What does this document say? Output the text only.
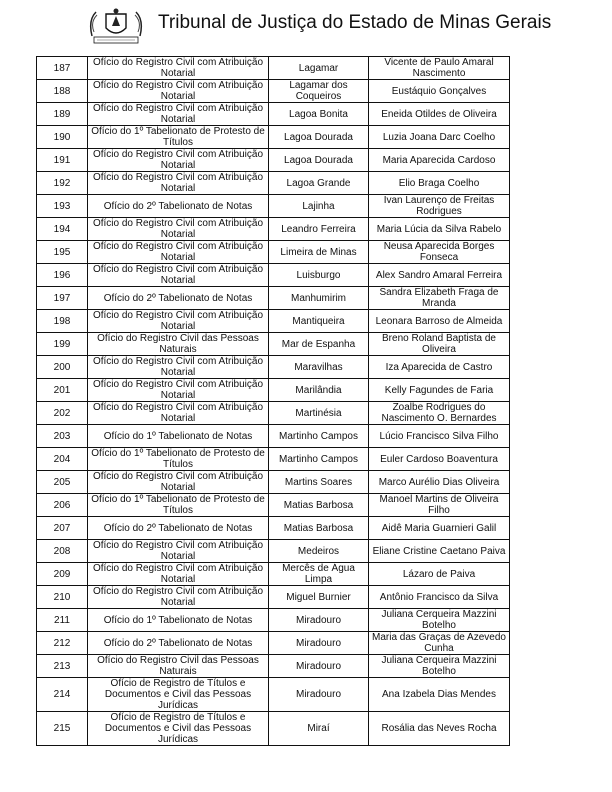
Tribunal de Justiça do Estado de Minas Gerais
187	Ofício do Registro Civil com Atribuição Notarial	Lagamar	Vicente de Paulo Amaral Nascimento
188	Ofício do Registro Civil com Atribuição Notarial	Lagamar dos Coqueiros	Eustáquio Gonçalves
189	Ofício do Registro Civil com Atribuição Notarial	Lagoa Bonita	Eneida Otildes de Oliveira
190	Ofício do 1º Tabelionato de Protesto de Títulos	Lagoa Dourada	Luzia Joana Darc Coelho
191	Ofício do Registro Civil com Atribuição Notarial	Lagoa Dourada	Maria Aparecida Cardoso
192	Ofício do Registro Civil com Atribuição Notarial	Lagoa Grande	Elio Braga Coelho
193	Ofício do 2º Tabelionato de Notas	Lajinha	Ivan Laurenço de Freitas Rodrigues
194	Ofício do Registro Civil com Atribuição Notarial	Leandro Ferreira	Maria Lúcia da Silva Rabelo
195	Ofício do Registro Civil com Atribuição Notarial	Limeira de Minas	Neusa Aparecida Borges Fonseca
196	Ofício do Registro Civil com Atribuição Notarial	Luisburgo	Alex Sandro Amaral Ferreira
197	Ofício do 2º Tabelionato de Notas	Manhumirim	Sandra Elizabeth Fraga de Mranda
198	Ofício do Registro Civil com Atribuição Notarial	Mantiqueira	Leonara Barroso de Almeida
199	Ofício do Registro Civil das Pessoas Naturais	Mar de Espanha	Breno Roland Baptista de Oliveira
200	Ofício do Registro Civil com Atribuição Notarial	Maravilhas	Iza Aparecida de Castro
201	Ofício do Registro Civil com Atribuição Notarial	Marilândia	Kelly Fagundes de Faria
202	Ofício do Registro Civil com Atribuição Notarial	Martinésia	Zoalbe Rodrigues do Nascimento O. Bernardes
203	Ofício do 1º Tabelionato de Notas	Martinho Campos	Lúcio Francisco Silva Filho
204	Ofício do 1º Tabelionato de Protesto de Títulos	Martinho Campos	Euler Cardoso Boaventura
205	Ofício do Registro Civil com Atribuição Notarial	Martins Soares	Marco Aurélio Dias Oliveira
206	Ofício do 1º Tabelionato de Protesto de Títulos	Matias Barbosa	Manoel Martins de Oliveira Filho
207	Ofício do 2º Tabelionato de Notas	Matias Barbosa	Aidê Maria Guarnieri Galil
208	Ofício do Registro Civil com Atribuição Notarial	Medeiros	Eliane Cristine Caetano Paiva
209	Ofício do Registro Civil com Atribuição Notarial	Mercês de Água Limpa	Lázaro de Paiva
210	Ofício do Registro Civil com Atribuição Notarial	Miguel Burnier	Antônio Francisco da Silva
211	Ofício do 1º Tabelionato de Notas	Miradouro	Juliana Cerqueira Mazzini Botelho
212	Ofício do 2º Tabelionato de Notas	Miradouro	Maria das Graças de Azevedo Cunha
213	Ofício do Registro Civil das Pessoas Naturais	Miradouro	Juliana Cerqueira Mazzini Botelho
214	Ofício de Registro de Títulos e Documentos e Civil das Pessoas Jurídicas	Miradouro	Ana Izabela Dias Mendes
215	Ofício de Registro de Títulos e Documentos e Civil das Pessoas Jurídicas	Miraí	Rosália das Neves Rocha
